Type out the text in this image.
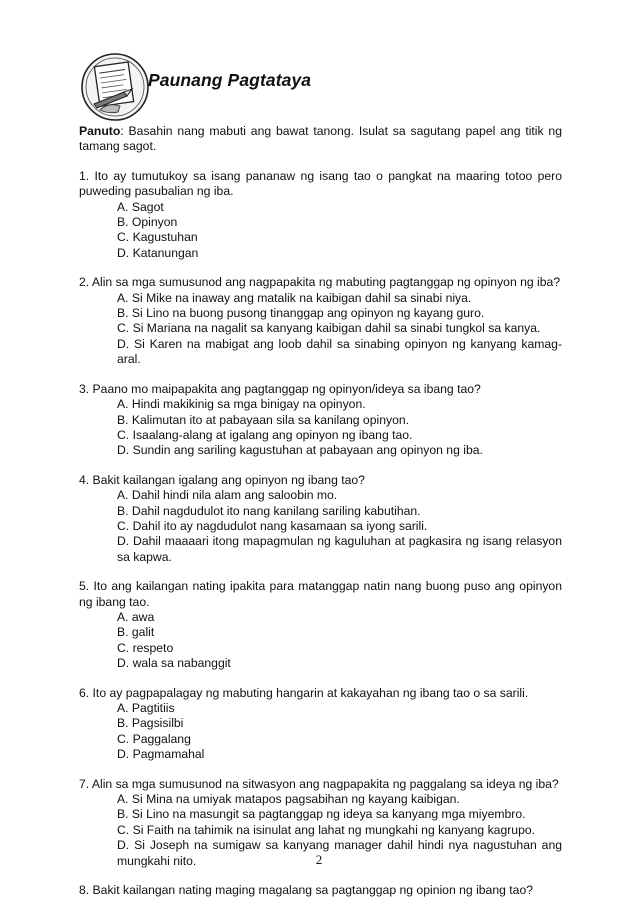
Paunang Pagtataya

Panuto: Basahin nang mabuti ang bawat tanong. Isulat sa sagutang papel ang titik ng tamang sagot.

1. Ito ay tumutukoy sa isang pananaw ng isang tao o pangkat na maaring totoo pero puweding pasubalian ng iba.
A. Sagot
B. Opinyon
C. Kagustuhan
D. Katanungan
2. Alin sa mga sumusunod ang nagpapakita ng mabuting pagtanggap ng opinyon ng iba?
A. Si Mike na inaway ang matalik na kaibigan dahil sa sinabi niya.
B. Si Lino na buong pusong tinanggap ang opinyon ng kayang guro.
C. Si Mariana na nagalit sa kanyang kaibigan dahil sa sinabi tungkol sa kanya.
D. Si Karen na mabigat ang loob dahil sa sinabing opinyon ng kanyang kamag-aral.
3. Paano mo maipapakita ang pagtanggap ng opinyon/ideya sa ibang tao?
A. Hindi makikinig sa mga binigay na opinyon.
B. Kalimutan ito at pabayaan sila sa kanilang opinyon.
C. Isaalang-alang at igalang ang opinyon ng ibang tao.
D. Sundin ang sariling kagustuhan at pabayaan ang opinyon ng iba.
4. Bakit kailangan igalang ang opinyon ng ibang tao?
A. Dahil hindi nila alam ang saloobin mo.
B. Dahil nagdudulot ito nang kanilang sariling kabutihan.
C. Dahil ito ay nagdudulot nang kasamaan sa iyong sarili.
D. Dahil maaaari itong mapagmulan ng kaguluhan at pagkasira ng isang relasyon sa kapwa.
5. Ito ang kailangan nating ipakita para matanggap natin nang buong puso ang opinyon ng ibang tao.
A. awa
B. galit
C. respeto
D. wala sa nabanggit
6. Ito ay pagpapalagay ng mabuting hangarin at kakayahan ng ibang tao o sa sarili.
A. Pagtitiis
B. Pagsisilbi
C. Paggalang
D. Pagmamahal
7. Alin sa mga sumusunod na sitwasyon ang nagpapakita ng paggalang sa ideya ng iba?
A. Si Mina na umiyak matapos pagsabihan ng kayang kaibigan.
B. Si Lino na masungit sa pagtanggap ng ideya sa kanyang mga miyembro.
C. Si Faith na tahimik na isinulat ang lahat ng mungkahi ng kanyang kagrupo.
D. Si Joseph na sumigaw sa kanyang manager dahil hindi nya nagustuhan ang mungkahi nito.
8. Bakit kailangan nating maging magalang sa pagtanggap ng opinion ng ibang tao?
2
